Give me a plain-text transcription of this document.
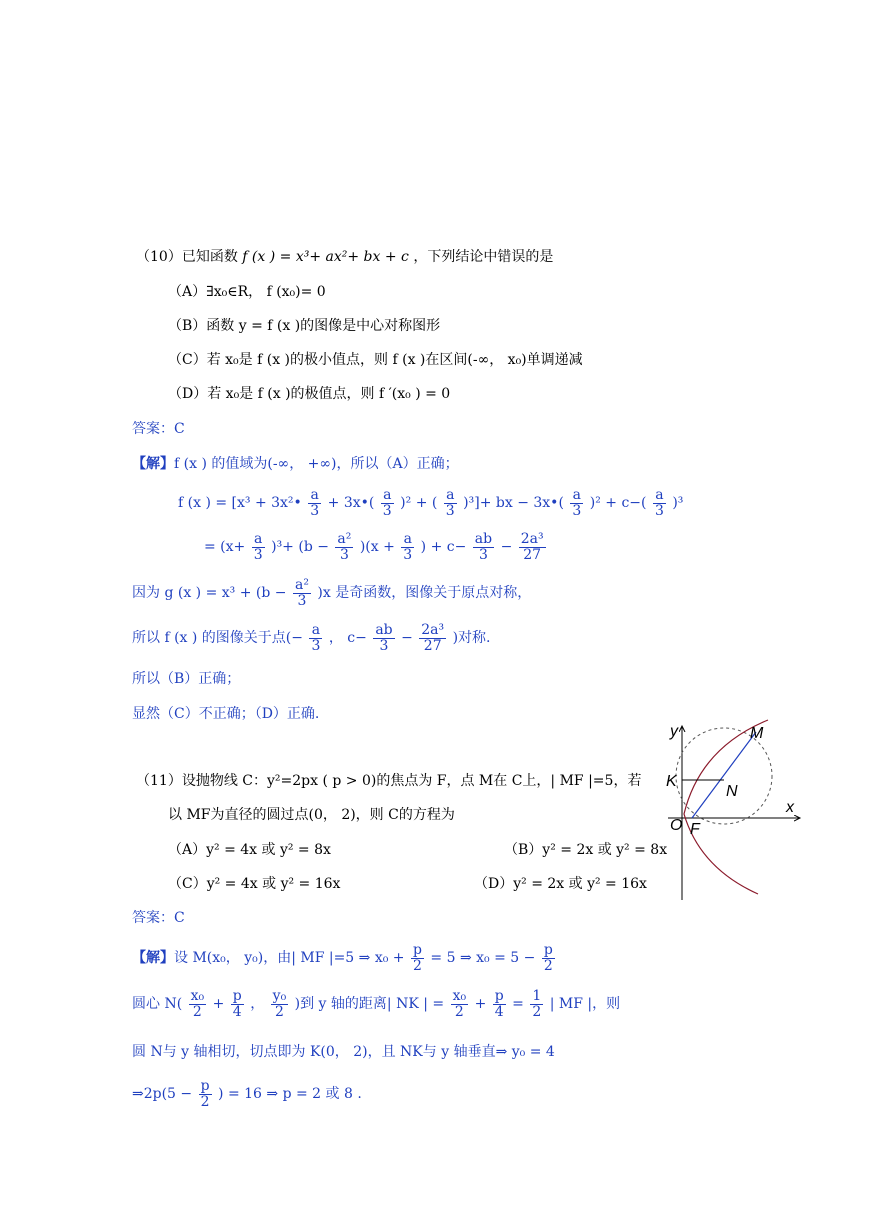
（10）已知函数 f (x ) = x³+ ax²+ bx + c ，下列结论中错误的是
（A）∃x₀∈R， f (x₀)= 0
（B）函数 y = f (x )的图像是中心对称图形
（C）若 x₀是 f (x )的极小值点，则 f (x )在区间(-∞， x₀)单调递减
（D）若 x₀是 f (x )的极值点，则 f ′(x₀ ) = 0
答案：C
【解】f (x ) 的值域为(-∞， +∞)，所以（A）正确；
f (x ) = [x³ + 3x²• $\frac{a}{3}$ + 3x•( $\frac{a}{3} )^2$ + ( $\frac{a}{3} )^3]+$ bx − 3x•( $\frac{a}{3} )^2 + c-( \frac{a}{3} )^3$
= $(x+ \frac{a}{3} )^3+ (b - \frac{\text{a²}}{3} )(x + \frac{a}{3}$ ) + $c- \frac{ab}{3} - \frac{\text{2a³}}{27}$
因为 g (x ) = $x^3 + (b - \frac{\text{a²}}{3} )x$ 是奇函数，图像关于原点对称，
所以 f (x ) 的图像关于点(− $\frac{a}{3}$ ， $c- \frac{ab}{3} - \frac{\text{2a³}}{27}$ )对称.
所以（B）正确；
显然（C）不正确；（D）正确.
（11）设抛物线 C：y²=2px ( p > 0)的焦点为 F，点 M在 C上，| MF |=5，若
以 MF为直径的圆过点(0， 2)，则 C的方程为
（A）y² = 4x 或 y² = 8x	（B）y² = 2x 或 y² = 8x
（C）y² = 4x 或 y² = 16x	（D）y² = 2x 或 y² = 16x
答案：C
【解】设 M(x₀， y₀)，由| MF |=5 ⇒ $x_0 + \frac{p}{2} = 5$ ⇒ $x_0 = 5 - \frac{p}{2}$
圆心 $N( \frac{\text{x₀}}{2} + \frac{p}{4}$ ， $\frac{\text{y₀}}{2}$ )到 y 轴的距离| NK | = $\frac{\text{x₀}}{2} + \frac{p}{4} = \frac{1}{2}$ | MF |，则
圆 N与 y 轴相切，切点即为 K(0， 2)，且 NK与 y 轴垂直⇒ y₀ = 4
⇒2p(5 − $\frac{p}{2}$ ) = 16 ⇒ p = 2 或 8 .
y	M
K
N
x
O F
